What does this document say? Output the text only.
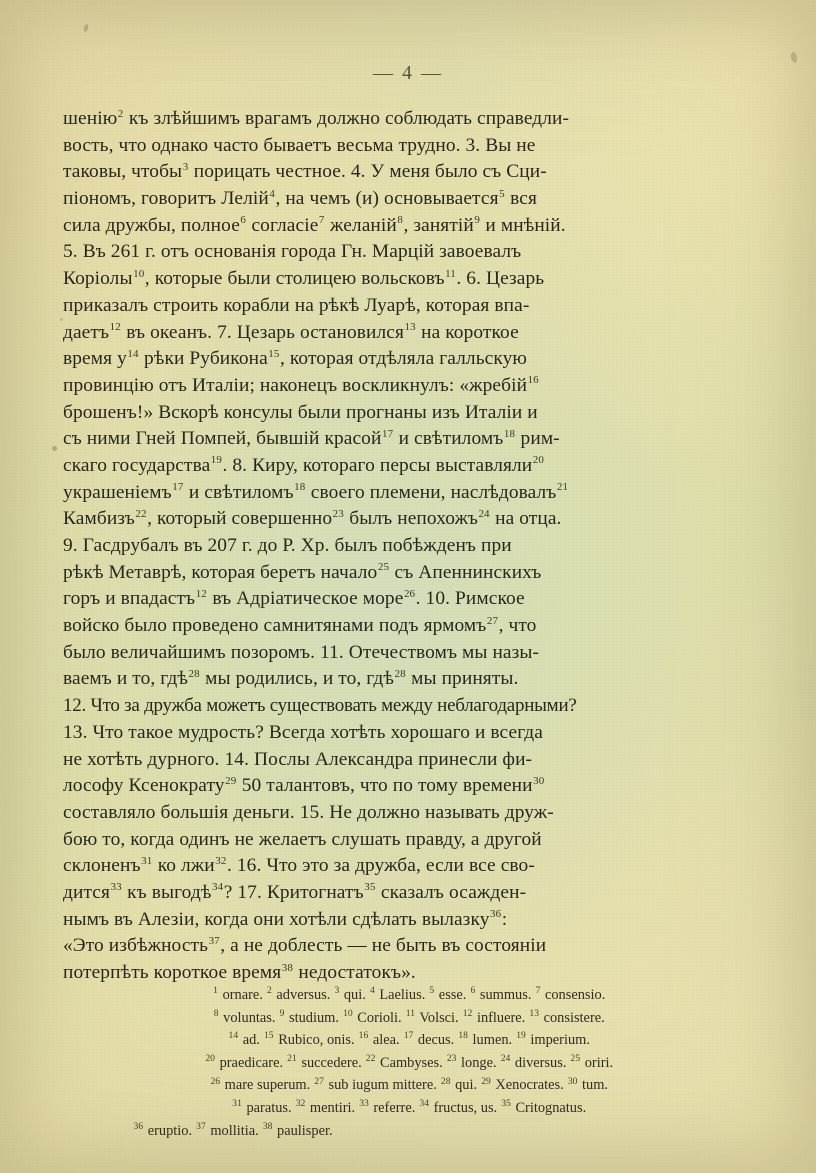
— 4 —
шенію$^2$ къ злѣйшимъ врагамъ должно соблюдать справедли-
вость, что однако часто бываетъ весьма трудно. 3. Вы не
таковы, чтобы$^3$ порицать честное. 4. У меня было съ Сци-
піономъ, говоритъ Лелій$^4$, на чемъ (и) основывается$^5$ вся
сила дружбы, полное$^6$ согласіе$^7$ желаній$^8$, занятій$^9$ и мнѣній.
5. Въ 261 г. отъ основанія города Гн. Марцій завоевалъ
Коріолы$^{10}$, которые были столицею вольсковъ$^{11}$. 6. Цезарь
приказалъ строить корабли на рѣкѣ Луарѣ, которая впа-
даетъ$^{12}$ въ океанъ. 7. Цезарь остановился$^{13}$ на короткое
время $у^{14}$ рѣки Рубикона$^{15}$, которая отдѣляла галльскую
провинцію отъ Италіи; наконецъ воскликнулъ: «жребій$^{16}$
брошенъ!» Вскорѣ консулы были прогнаны изъ Италіи и
съ ними Гней Помпей, бывшій красой$^{17}$ и свѣтиломъ$^{18}$ рим-
скаго государства$^{19}$. 8. Киру, котораго персы выставляли$^{20}$
украшеніемъ$^{17}$ и свѣтиломъ$^{18}$ своего племени, наслѣдовалъ$^{21}$
Камбизъ$^{22}$, который совершенно$^{23}$ былъ непохожъ$^{24}$ на отца.
9. Гасдрубалъ въ 207 г. до Р. Хр. былъ побѣжденъ при
рѣкѣ Метаврѣ, которая беретъ начало$^{25}$ съ Апеннинскихъ
горъ и впадастъ$^{12}$ въ Адріатическое море$^{26}$. 10. Римское
войско было проведено самнитянами подъ ярмомъ$^{27}$, что
было величайшимъ позоромъ. 11. Отечествомъ мы назы-
ваемъ и то, гдѣ$^{28}$ мы родились, и то, гдѣ$^{28}$ мы приняты.
12. Что за дружба можетъ существовать между неблагодарными?
13. Что такое мудрость? Всегда хотѣть хорошаго и всегда
не хотѣть дурного. 14. Послы Александра принесли фи-
лософу Ксенократу$^{29}$ 50 талантовъ, что по тому времени$^{30}$
составляло большія деньги. 15. Не должно называть друж-
бою то, когда одинъ не желаетъ слушать правду, а другой
склоненъ$^{31}$ ко лжи$^{32}$. 16. Что это за дружба, если все сво-
дится$^{33}$ къ выгодѣ$^{34}$? 17. Критогнатъ$^{35}$ сказалъ осажден-
нымъ въ Алезіи, когда они хотѣли сдѣлать вылазку$^{36}$:
«Это избѣжность$^{37}$, а не доблесть — не быть въ состояніи
потерпѣть короткое время$^{38}$ недостатокъ».
$^1$ ornare. $^2$ adversus. $^3$ qui. $^4$ Laelius. $^5$ esse. $^6$ summus. $^7$ consensio.
$^8$ voluntas. $^9$ studium. $^{10}$ Corioli. $^{11}$ Volsci. $^{12}$ influere. $^{13}$ consistere.
$^{14}$ ad. $^{15}$ Rubico, onis. $^{16}$ alea. $^{17}$ decus. $^{18}$ lumen. $^{19}$ imperium.
$^{20}$ praedicare. $^{21}$ succedere. $^{22}$ Cambyses. $^{23}$ longe. $^{24}$ diversus. $^{25}$ oriri.
$^{26}$ mare superum. $^{27}$ sub iugum mittere. $^{28}$ qui. $^{29}$ Xenocrates. $^{30}$ tum.
$^{31}$ paratus. $^{32}$ mentiri. $^{33}$ referre. $^{34}$ fructus, us. $^{35}$ Critognatus.
$^{36}$ eruptio. $^{37}$ mollitia. $^{38}$ paulisper.
